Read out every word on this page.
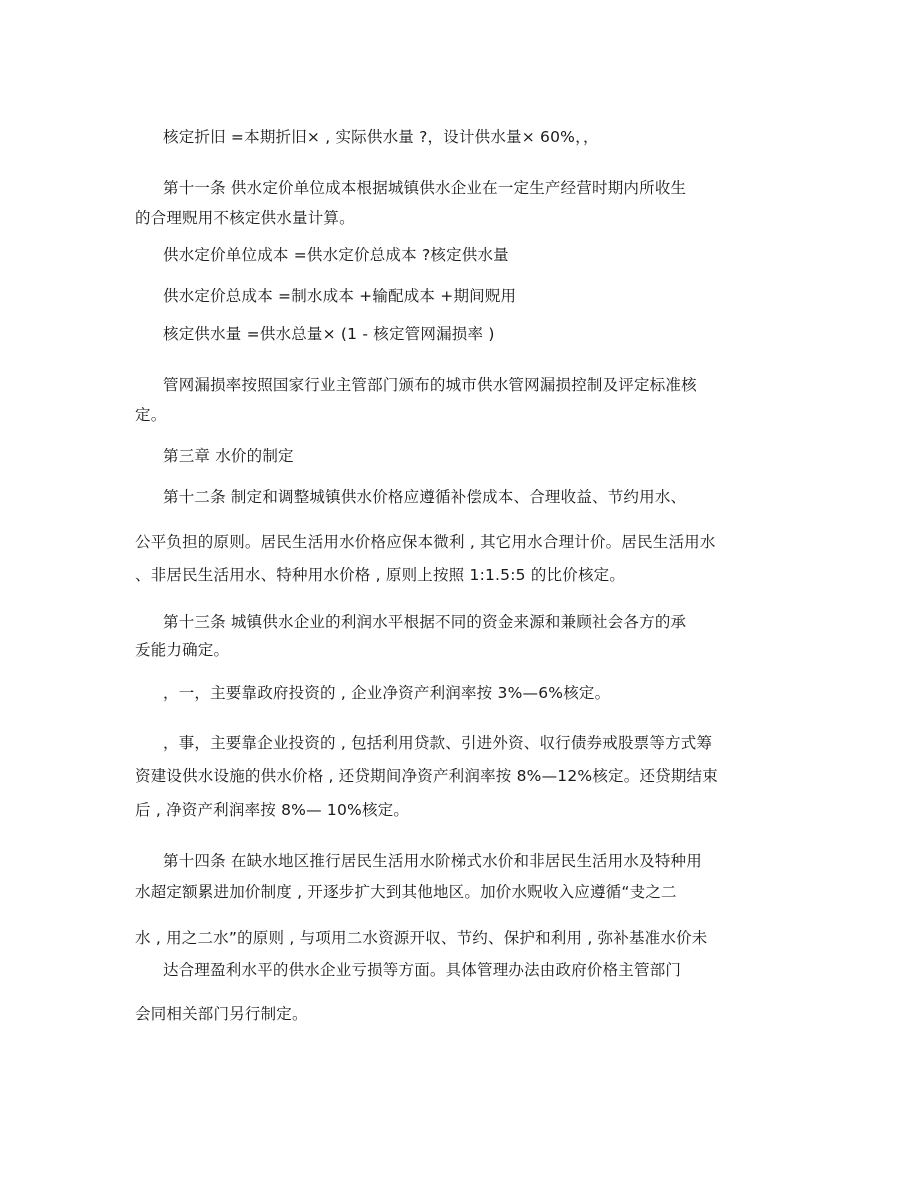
核定折旧 =本期折旧× , 实际供水量 ?，设计供水量× 60%，，
第十一条 供水定价单位成本根据城镇供水企业在一定生产经营时期内所收生
的合理贶用不核定供水量计算。
供水定价单位成本 =供水定价总成本 ?核定供水量
供水定价总成本 =制水成本 +输配成本 +期间贶用
核定供水量 =供水总量× (1 - 核定管网漏损率 )
管网漏损率按照国家行业主管部门颁布的城市供水管网漏损控制及评定标准核
定。
第三章 水价的制定
第十二条 制定和调整城镇供水价格应遵循补偿成本、合理收益、节约用水、
公平负担的原则。居民生活用水价格应保本微利 , 其它用水合理计价。居民生活用水
、非居民生活用水、特种用水价格 , 原则上按照 1:1.5:5 的比价核定。
第十三条 城镇供水企业的利润水平根据不同的资金来源和兼顾社会各方的承
叐能力确定。
，一，主要靠政府投资的 , 企业净资产利润率按 3%—6%核定。
，事，主要靠企业投资的 , 包括利用贷款、引进外资、収行债券戒股票等方式筹
资建设供水设施的供水价格 , 还贷期间净资产利润率按 8%—12%核定。还贷期结束
后 , 净资产利润率按 8%— 10%核定。
第十四条 在缺水地区推行居民生活用水阶梯式水价和非居民生活用水及特种用
水超定额累进加价制度 , 开逐步扩大到其他地区。加价水贶收入应遵循“叏之二
水 , 用之二水”的原则 , 与项用二水资源开収、节约、保护和利用 , 弥补基准水价未
达合理盈利水平的供水企业亏损等方面。具体管理办法由政府价格主管部门
会同相关部门另行制定。
